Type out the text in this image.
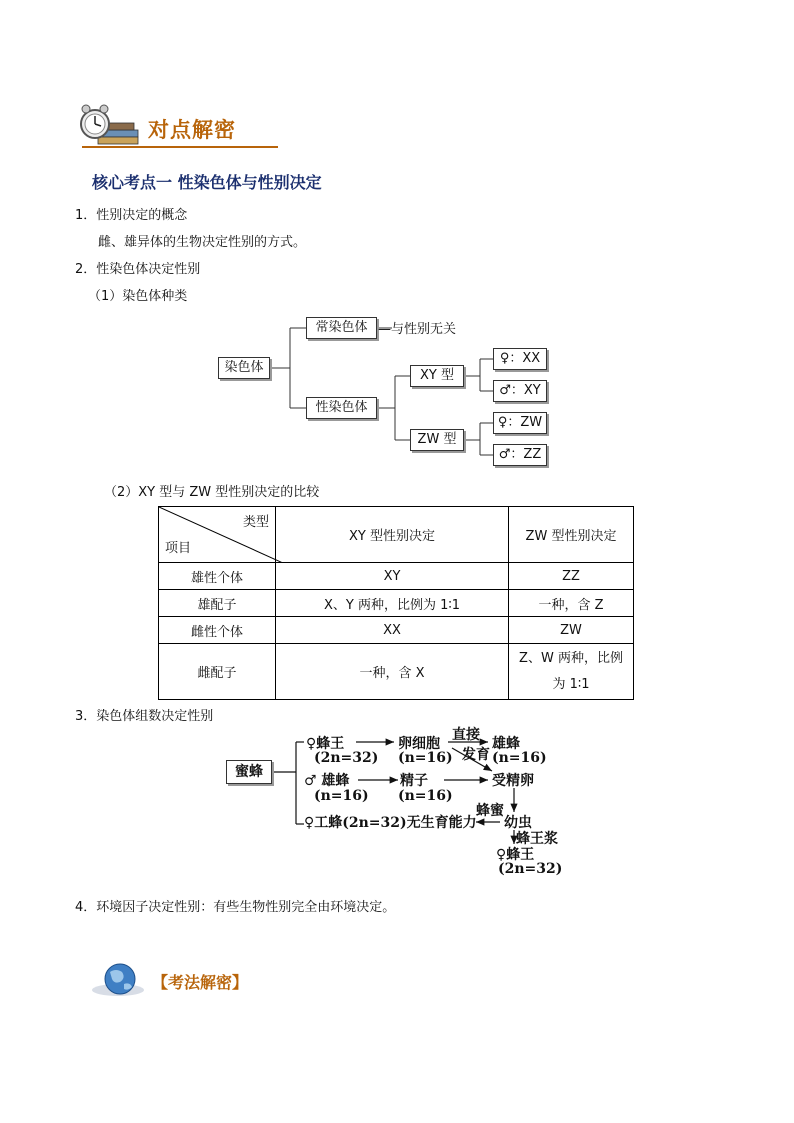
对点解密
核心考点一 性染色体与性别决定
1．性别决定的概念
雌、雄异体的生物决定性别的方式。
2．性染色体决定性别
（1）染色体种类
染色体
常染色体 —与性别无关
性染色体
XY 型
ZW 型
♀：XX
♂：XY
♀：ZW
♂：ZZ
（2）XY 型与 ZW 型性别决定的比较
类型
项目	XY 型性别决定	ZW 型性别决定
雄性个体	XY	ZZ
雄配子	X、Y 两种，比例为 1∶1	一种，含 Z
雌性个体	XX	ZW
雌配子	一种，含 X	Z、W 两种，比例
为 1∶1
3．染色体组数决定性别
蜜蜂
♀蜂王
(2n=32)
卵细胞
(n=16)
直接
发育
雄蜂
(n=16)
♂ 雄蜂
(n=16)
精子
(n=16)
受精卵
蜂蜜
幼虫
♀工蜂(2n=32)无生育能力
蜂王浆
♀蜂王
(2n=32)
4．环境因子决定性别：有些生物性别完全由环境决定。
【考法解密】
